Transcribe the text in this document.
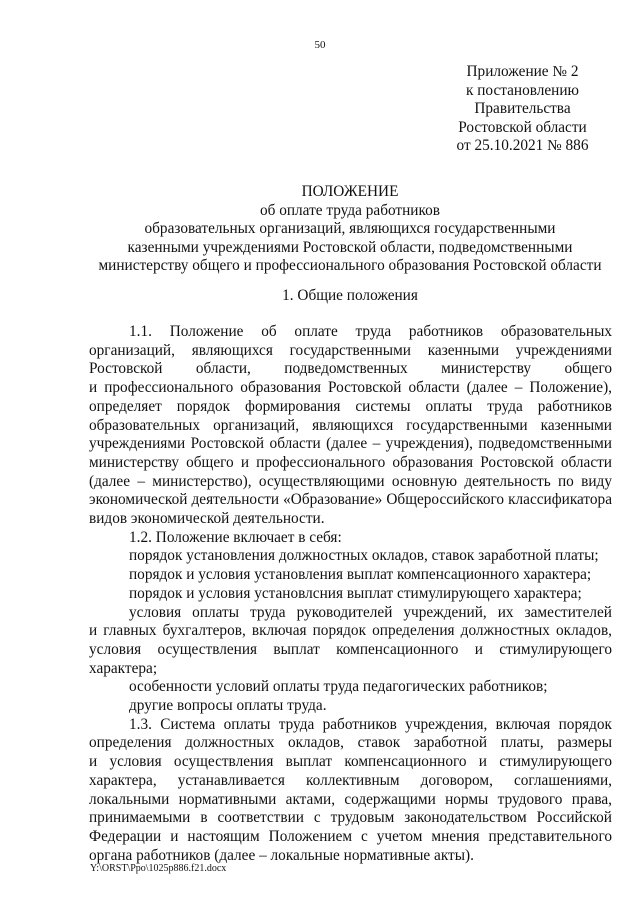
50
Приложение № 2
к постановлению
Правительства
Ростовской области
от 25.10.2021 № 886
ПОЛОЖЕНИЕ
об оплате труда работников
образовательных организаций, являющихся государственными
казенными учреждениями Ростовской области, подведомственными
министерству общего и профессионального образования Ростовской области
1. Общие положения

1.1. Положение об оплате труда работников образовательных

организаций, являющихся государственными казенными учреждениями

Ростовской области, подведомственных министерству общего

и профессионального образования Ростовской области (далее – Положение),

определяет порядок формирования системы оплаты труда работников

образовательных организаций, являющихся государственными казенными

учреждениями Ростовской области (далее – учреждения), подведомственными

министерству общего и профессионального образования Ростовской области

(далее – министерство), осуществляющими основную деятельность по виду

экономической деятельности «Образование» Общероссийского классификатора

видов экономической деятельности.

1.2. Положение включает в себя:

порядок установления должностных окладов, ставок заработной платы;

порядок и условия установления выплат компенсационного характера;

порядок и условия установлсния выплат стимулирующего характера;

условия оплаты труда руководителей учреждений, их заместителей

и главных бухгалтеров, включая порядок определения должностных окладов,

условия осуществления выплат компенсационного и стимулирующего

характера;

особенности условий оплаты труда педагогических работников;

другие вопросы оплаты труда.

1.3. Система оплаты труда работников учреждения, включая порядок

определения должностных окладов, ставок заработной платы, размеры

и условия осуществления выплат компенсационного и стимулирующего

характера, устанавливается коллективным договором, соглашениями,

локальными нормативными актами, содержащими нормы трудового права,

принимаемыми в соответствии с трудовым законодательством Российской

Федерации и настоящим Положением с учетом мнения представительного

органа работников (далее – локальные нормативные акты).

Y:\ORST\Ppo\1025p886.f21.docx
